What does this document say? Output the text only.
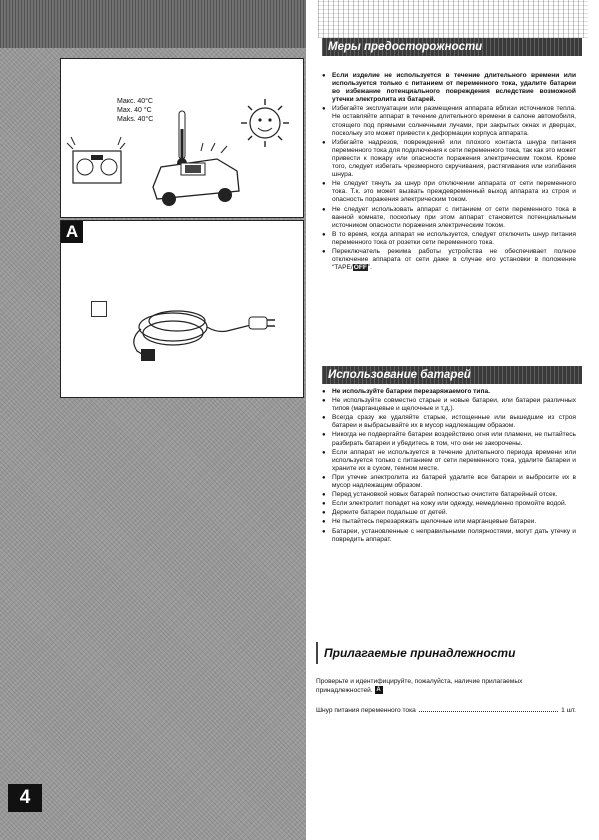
Макс. 40°C
Max. 40 °C
Maks. 40°C
A
4
Меры предосторожности
● Если изделие не используется в течение длительного времени или используется только с питанием от переменного тока, удалите батареи во избежание потенциального повреждения вследствие возможной утечки электролита из батарей.
● Избегайте эксплуатации или размещения аппарата вблизи источников тепла. Не оставляйте аппарат в течение длительного времени в салоне автомобиля, стоящего под прямыми солнечными лучами, при закрытых окнах и дверцах, поскольку это может привести к деформации корпуса аппарата.
● Избегайте надрезов, повреждений или плохого контакта шнура питания переменного тока для подключения к сети переменного тока, так как это может привести к пожару или опасности поражения электрическим током. Кроме того, следует избегать чрезмерного скручивания, растягивания или изгибания шнура.
● Не следует тянуть за шнур при отключении аппарата от сети переменного тока. Т.к. это может вызвать преждевременный выход аппарата из строя и опасность поражения электрическим током.
● Не следует использовать аппарат с питанием от сети переменного тока в ванной комнате, поскольку при этом аппарат становится потенциальным источником опасности поражения электрическим током.
● В то время, когда аппарат не используется, следует отключить шнур питания переменного тока от розетки сети переменного тока.
● Переключатель режима работы устройства не обеспечивает полное отключение аппарата от сети даже в случае его установки в положение “TAPE/OFF”.
Использование батарей
● Не используйте батареи перезаряжаемого типа.
● Не используйте совместно старые и новые батареи, или батареи различных типов (марганцевые и щелочные и т.д.).
● Всегда сразу же удаляйте старые, истощенные или вышедшие из строя батареи и выбрасывайте их в мусор надлежащим образом.
● Никогда не подвергайте батареи воздействию огня или пламени, не пытайтесь разбирать батареи и убедитесь в том, что они не закорочены.
● Если аппарат не используется в течение длительного периода времени или используется только с питанием от сети переменного тока, удалите батареи и храните их в сухом, темном месте.
● При утечке электролита из батарей удалите все батареи и выбросите их в мусор надлежащим образом.
● Перед установкой новых батарей полностью очистите батарейный отсек.
● Если электролит попадет на кожу или одежду, немедленно промойте водой.
● Держите батареи подальше от детей.
● Не пытайтесь перезаряжать щелочные или марганцевые батареи.
● Батареи, установленные с неправильными полярностями, могут дать утечку и повредить аппарат.
Прилагаемые принадлежности
Проверьте и идентифицируйте, пожалуйста, наличие прилагаемых принадлежностей. A
Шнур питания переменного тока	1 шт.
